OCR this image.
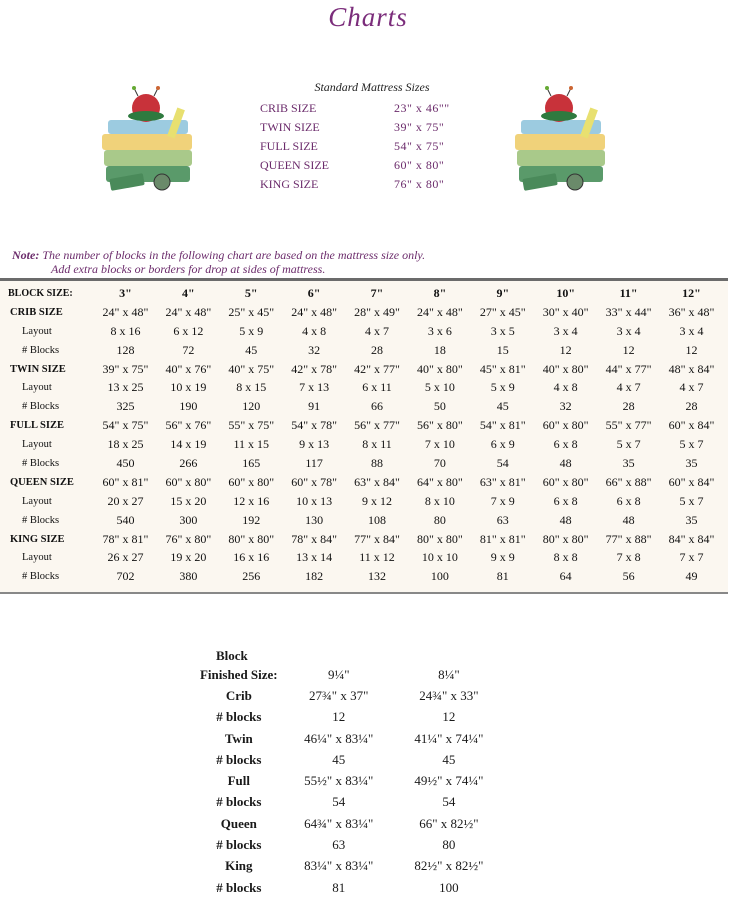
Charts
Standard Mattress Sizes
CRIB SIZE	23" x 46""
TWIN SIZE	39" x 75"
FULL SIZE	54" x 75"
QUEEN SIZE	60" x 80"
KING SIZE	76" x 80"
Note: The number of blocks in the following chart are based on the mattress size only.
Add extra blocks or borders for drop at sides of mattress.
BLOCK SIZE:	3"	4"	5"	6"	7"	8"	9"	10"	11"	12"
CRIB SIZE	24" x 48"	24" x 48"	25" x 45"	24" x 48"	28" x 49"	24" x 48"	27" x 45"	30" x 40"	33" x 44"	36" x 48"
Layout	8 x 16	6 x 12	5 x 9	4 x 8	4 x 7	3 x 6	3 x 5	3 x 4	3 x 4	3 x 4
# Blocks	128	72	45	32	28	18	15	12	12	12
TWIN SIZE	39" x 75"	40" x 76"	40" x 75"	42" x 78"	42" x 77"	40" x 80"	45" x 81"	40" x 80"	44" x 77"	48" x 84"
Layout	13 x 25	10 x 19	8 x 15	7 x 13	6 x 11	5 x 10	5 x 9	4 x 8	4 x 7	4 x 7
# Blocks	325	190	120	91	66	50	45	32	28	28
FULL SIZE	54" x 75"	56" x 76"	55" x 75"	54" x 78"	56" x 77"	56" x 80"	54" x 81"	60" x 80"	55" x 77"	60" x 84"
Layout	18 x 25	14 x 19	11 x 15	9 x 13	8 x 11	7 x 10	6 x 9	6 x 8	5 x 7	5 x 7
# Blocks	450	266	165	117	88	70	54	48	35	35
QUEEN SIZE	60" x 81"	60" x 80"	60" x 80"	60" x 78"	63" x 84"	64" x 80"	63" x 81"	60" x 80"	66" x 88"	60" x 84"
Layout	20 x 27	15 x 20	12 x 16	10 x 13	9 x 12	8 x 10	7 x 9	6 x 8	6 x 8	5 x 7
# Blocks	540	300	192	130	108	80	63	48	48	35
KING SIZE	78" x 81"	76" x 80"	80" x 80"	78" x 84"	77" x 84"	80" x 80"	81" x 81"	80" x 80"	77" x 88"	84" x 84"
Layout	26 x 27	19 x 20	16 x 16	13 x 14	11 x 12	10 x 10	9 x 9	8 x 8	7 x 8	7 x 7
# Blocks	702	380	256	182	132	100	81	64	56	49
Block
Finished Size:	9¼"	8¼"
Crib	27¾" x 37"	24¾" x 33"
# blocks	12	12
Twin	46¼" x 83¼"	41¼" x 74¼"
# blocks	45	45
Full	55½" x 83¼"	49½" x 74¼"
# blocks	54	54
Queen	64¾" x 83¼"	66" x 82½"
# blocks	63	80
King	83¼" x 83¼"	82½" x 82½"
# blocks	81	100
